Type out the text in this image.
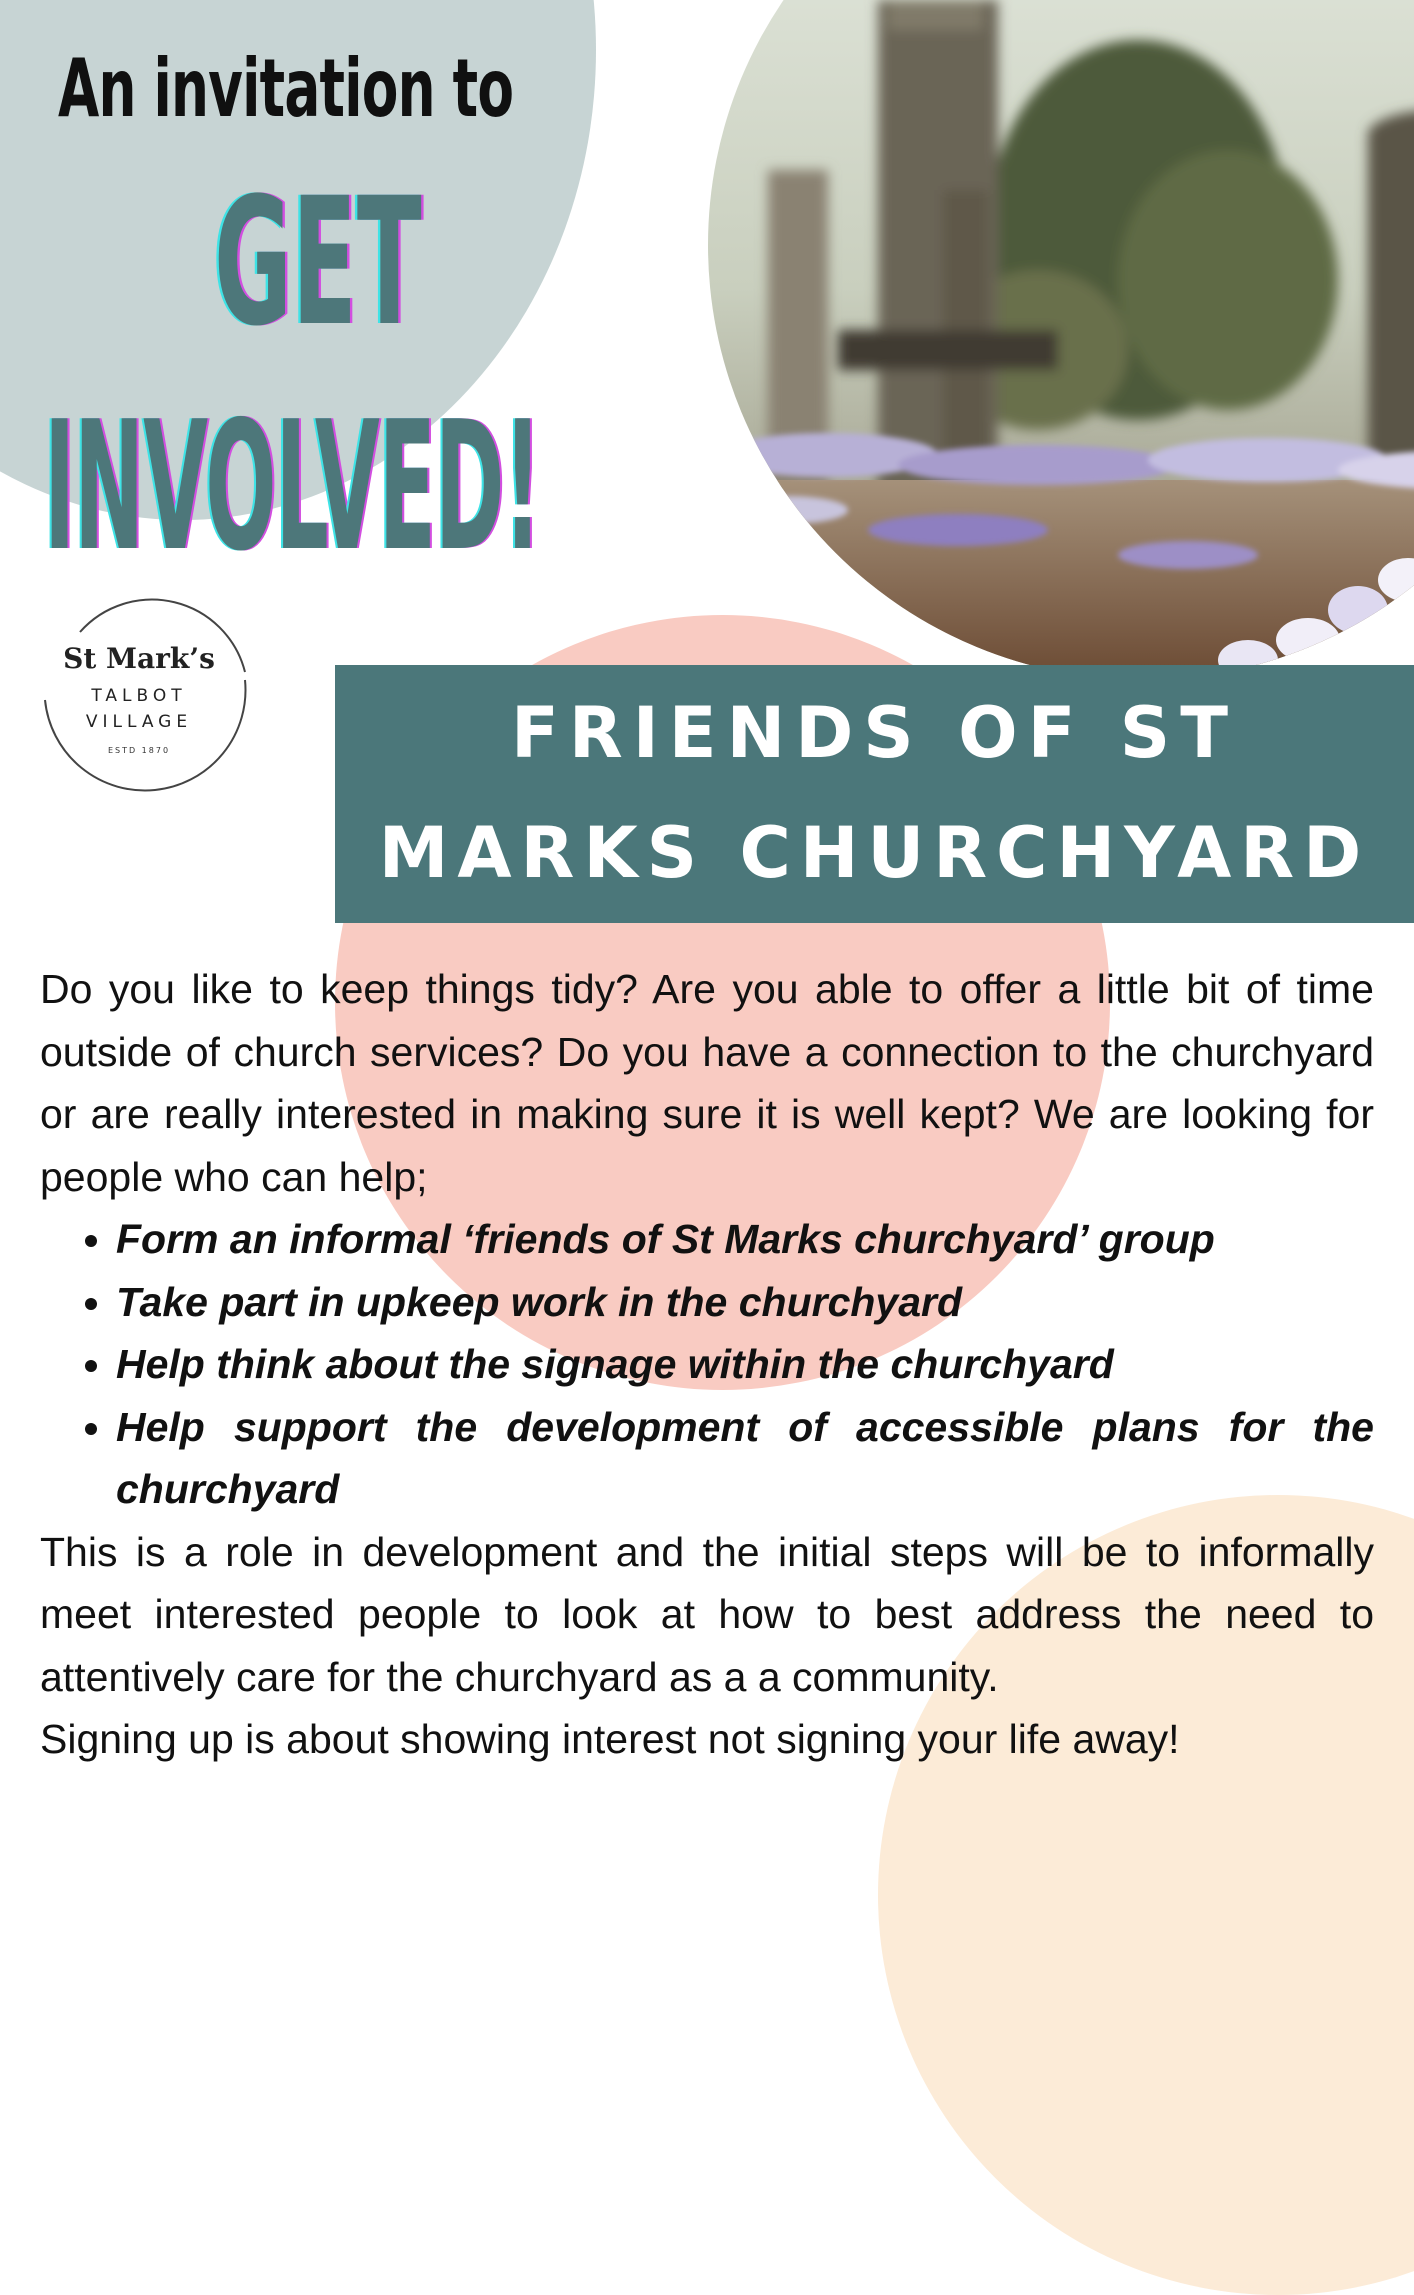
An invitation to
GET
INVOLVED!
St Mark’s
TALBOT
VILLAGE
ESTD 1870	FRIENDS OF ST
MARKS CHURCHYARD

Do you like to keep things tidy? Are you able to offer a little bit of time outside of church services? Do you have a connection to the churchyard or are really interested in making sure it is well kept? We are looking for people who can help;

• Form an informal ‘friends of St Marks churchyard’ group
• Take part in upkeep work in the churchyard
• Help think about the signage within the churchyard
• Help support the development of accessible plans for the churchyard

This is a role in development and the initial steps will be to informally meet interested people to look at how to best address the need to attentively care for the churchyard as a a community.

Signing up is about showing interest not signing your life away!
